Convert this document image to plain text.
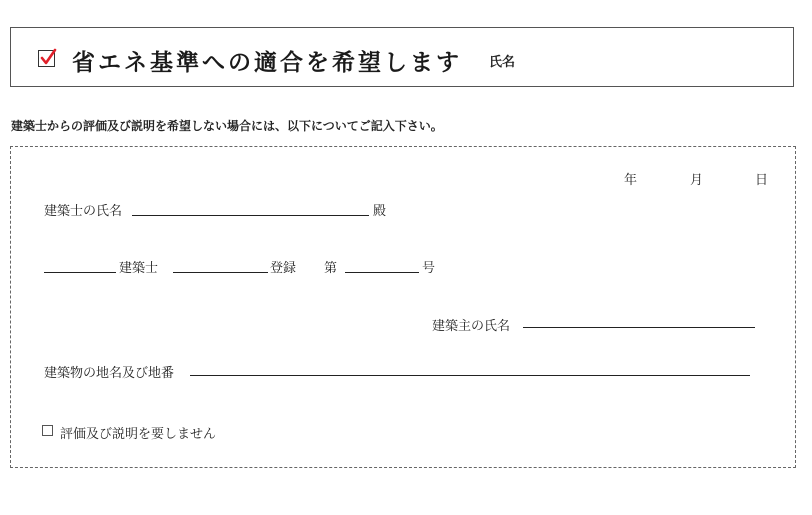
省エネ基準への適合を希望します 氏名
建築士からの評価及び説明を希望しない場合には、以下についてご記入下さい。
年	月	日
建築士の氏名	殿
建築士	登録 第	号
建築主の氏名
建築物の地名及び地番
評価及び説明を要しません
